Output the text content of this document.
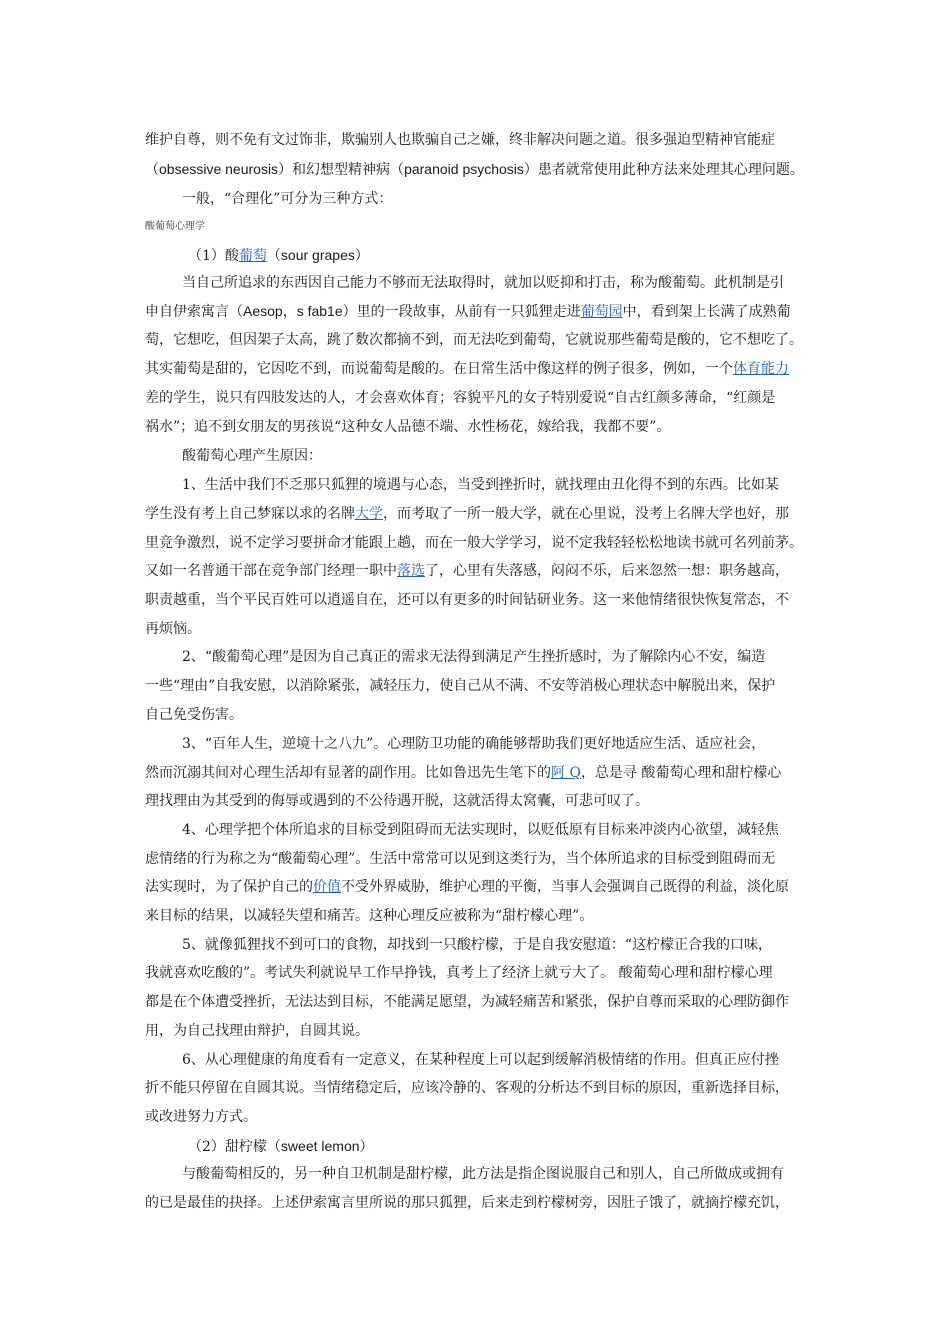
维护自尊，则不免有文过饰非，欺骗别人也欺骗自己之嫌，终非解决问题之道。很多强迫型精神官能症
（obsessive neurosis）和幻想型精神病（paranoid psychosis）患者就常使用此种方法来处理其心理问题。
一般，“合理化”可分为三种方式：
酸葡萄心理学
（1）酸葡萄（sour grapes）
当自己所追求的东西因自己能力不够而无法取得时，就加以贬抑和打击，称为酸葡萄。此机制是引
申自伊索寓言（Aesop，s fab1e）里的一段故事，从前有一只狐狸走进葡萄园中，看到架上长满了成熟葡
萄，它想吃，但因架子太高，跳了数次都摘不到，而无法吃到葡萄，它就说那些葡萄是酸的，它不想吃了。
其实葡萄是甜的，它因吃不到，而说葡萄是酸的。在日常生活中像这样的例子很多，例如，一个体育能力
差的学生，说只有四肢发达的人，才会喜欢体育；容貌平凡的女子特别爱说“自古红颜多薄命，“红颜是
祸水”；追不到女朋友的男孩说“这种女人品德不端、水性杨花，嫁给我，我都不要”。
酸葡萄心理产生原因：
1、生活中我们不乏那只狐狸的境遇与心态，当受到挫折时，就找理由丑化得不到的东西。比如某
学生没有考上自己梦寐以求的名牌大学，而考取了一所一般大学，就在心里说，没考上名牌大学也好，那
里竞争激烈，说不定学习要拼命才能跟上趟，而在一般大学学习，说不定我轻轻松松地读书就可名列前茅。
又如一名普通干部在竞争部门经理一职中落选了，心里有失落感，闷闷不乐，后来忽然一想：职务越高，
职责越重，当个平民百姓可以逍遥自在，还可以有更多的时间钻研业务。这一来他情绪很快恢复常态，不
再烦恼。
2、“酸葡萄心理”是因为自己真正的需求无法得到满足产生挫折感时，为了解除内心不安，编造
一些“理由”自我安慰，以消除紧张，减轻压力，使自己从不满、不安等消极心理状态中解脱出来，保护
自己免受伤害。
3、“百年人生，逆境十之八九”。心理防卫功能的确能够帮助我们更好地适应生活、适应社会，
然而沉溺其间对心理生活却有显著的副作用。比如鲁迅先生笔下的阿 Q，总是寻 酸葡萄心理和甜柠檬心
理找理由为其受到的侮辱或遇到的不公待遇开脱，这就活得太窝囊，可悲可叹了。
4、心理学把个体所追求的目标受到阻碍而无法实现时，以贬低原有目标来冲淡内心欲望，减轻焦
虑情绪的行为称之为“酸葡萄心理”。生活中常常可以见到这类行为，当个体所追求的目标受到阻碍而无
法实现时，为了保护自己的价值不受外界威胁，维护心理的平衡，当事人会强调自己既得的利益，淡化原
来目标的结果，以减轻失望和痛苦。这种心理反应被称为“甜柠檬心理”。
5、就像狐狸找不到可口的食物，却找到一只酸柠檬，于是自我安慰道：“这柠檬正合我的口味，
我就喜欢吃酸的”。考试失利就说早工作早挣钱，真考上了经济上就亏大了。 酸葡萄心理和甜柠檬心理
都是在个体遭受挫折，无法达到目标，不能满足愿望，为减轻痛苦和紧张，保护自尊而采取的心理防御作
用，为自己找理由辩护，自圆其说。
6、从心理健康的角度看有一定意义，在某种程度上可以起到缓解消极情绪的作用。但真正应付挫
折不能只停留在自圆其说。当情绪稳定后，应该冷静的、客观的分析达不到目标的原因，重新选择目标，
或改进努力方式。
（2）甜柠檬（sweet lemon）
与酸葡萄相反的，另一种自卫机制是甜柠檬，此方法是指企图说服自己和别人，自己所做成或拥有
的已是最佳的抉择。上述伊索寓言里所说的那只狐狸，后来走到柠檬树旁，因肚子饿了，就摘拧檬充饥，
